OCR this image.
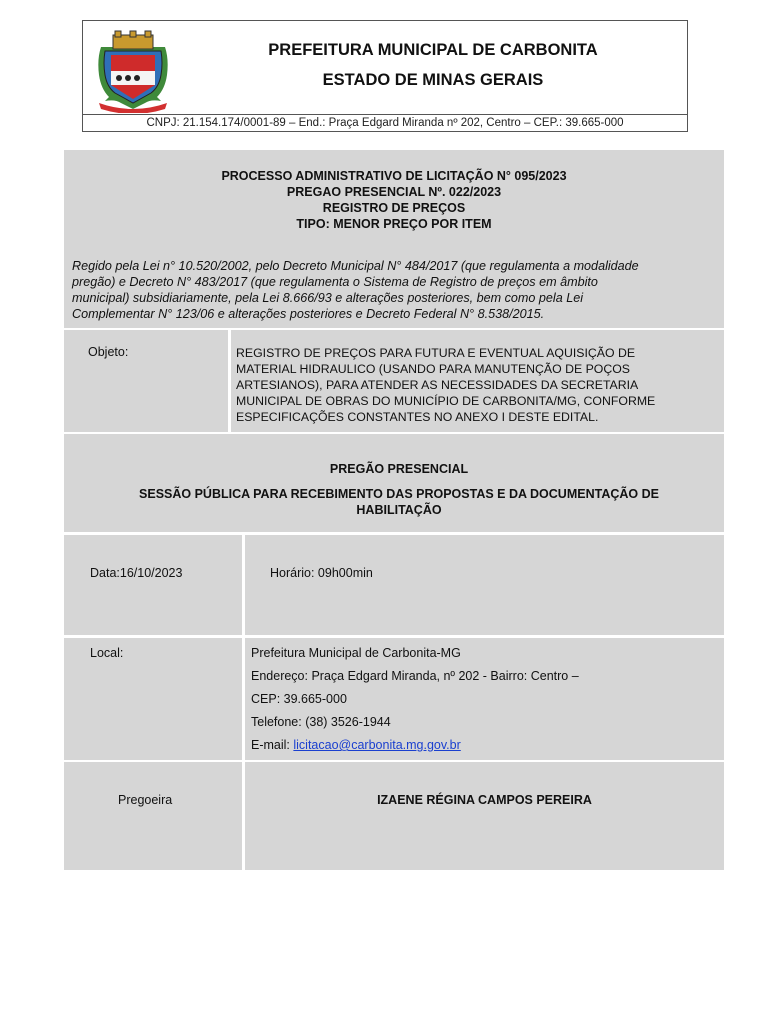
PREFEITURA MUNICIPAL DE CARBONITA
ESTADO DE MINAS GERAIS
CNPJ: 21.154.174/0001-89 – End.: Praça Edgard Miranda nº 202, Centro – CEP.: 39.665-000
PROCESSO ADMINISTRATIVO DE LICITAÇÃO N° 095/2023
PREGAO PRESENCIAL Nº. 022/2023
REGISTRO DE PREÇOS
TIPO: MENOR PREÇO POR ITEM
Regido pela Lei n° 10.520/2002, pelo Decreto Municipal N° 484/2017 (que regulamenta a modalidade
pregão) e Decreto N° 483/2017 (que regulamenta o Sistema de Registro de preços em âmbito
municipal) subsidiariamente, pela Lei 8.666/93 e alterações posteriores, bem como pela Lei
Complementar N° 123/06 e alterações posteriores e Decreto Federal N° 8.538/2015.
Objeto:	REGISTRO DE PREÇOS PARA FUTURA E EVENTUAL AQUISIÇÃO DE
MATERIAL HIDRAULICO (USANDO PARA MANUTENÇÃO DE POÇOS
ARTESIANOS), PARA ATENDER AS NECESSIDADES DA SECRETARIA
MUNICIPAL DE OBRAS DO MUNICÍPIO DE CARBONITA/MG, CONFORME
ESPECIFICAÇÕES CONSTANTES NO ANEXO I DESTE EDITAL.
PREGÃO PRESENCIAL
SESSÃO PÚBLICA PARA RECEBIMENTO DAS PROPOSTAS E DA DOCUMENTAÇÃO DE
HABILITAÇÃO
Data:16/10/2023	Horário: 09h00min
Local:	Prefeitura Municipal de Carbonita-MG
Endereço: Praça Edgard Miranda, nº 202 - Bairro: Centro –
CEP: 39.665-000
Telefone: (38) 3526-1944
E-mail: licitacao@carbonita.mg.gov.br
Pregoeira	IZAENE RÉGINA CAMPOS PEREIRA
